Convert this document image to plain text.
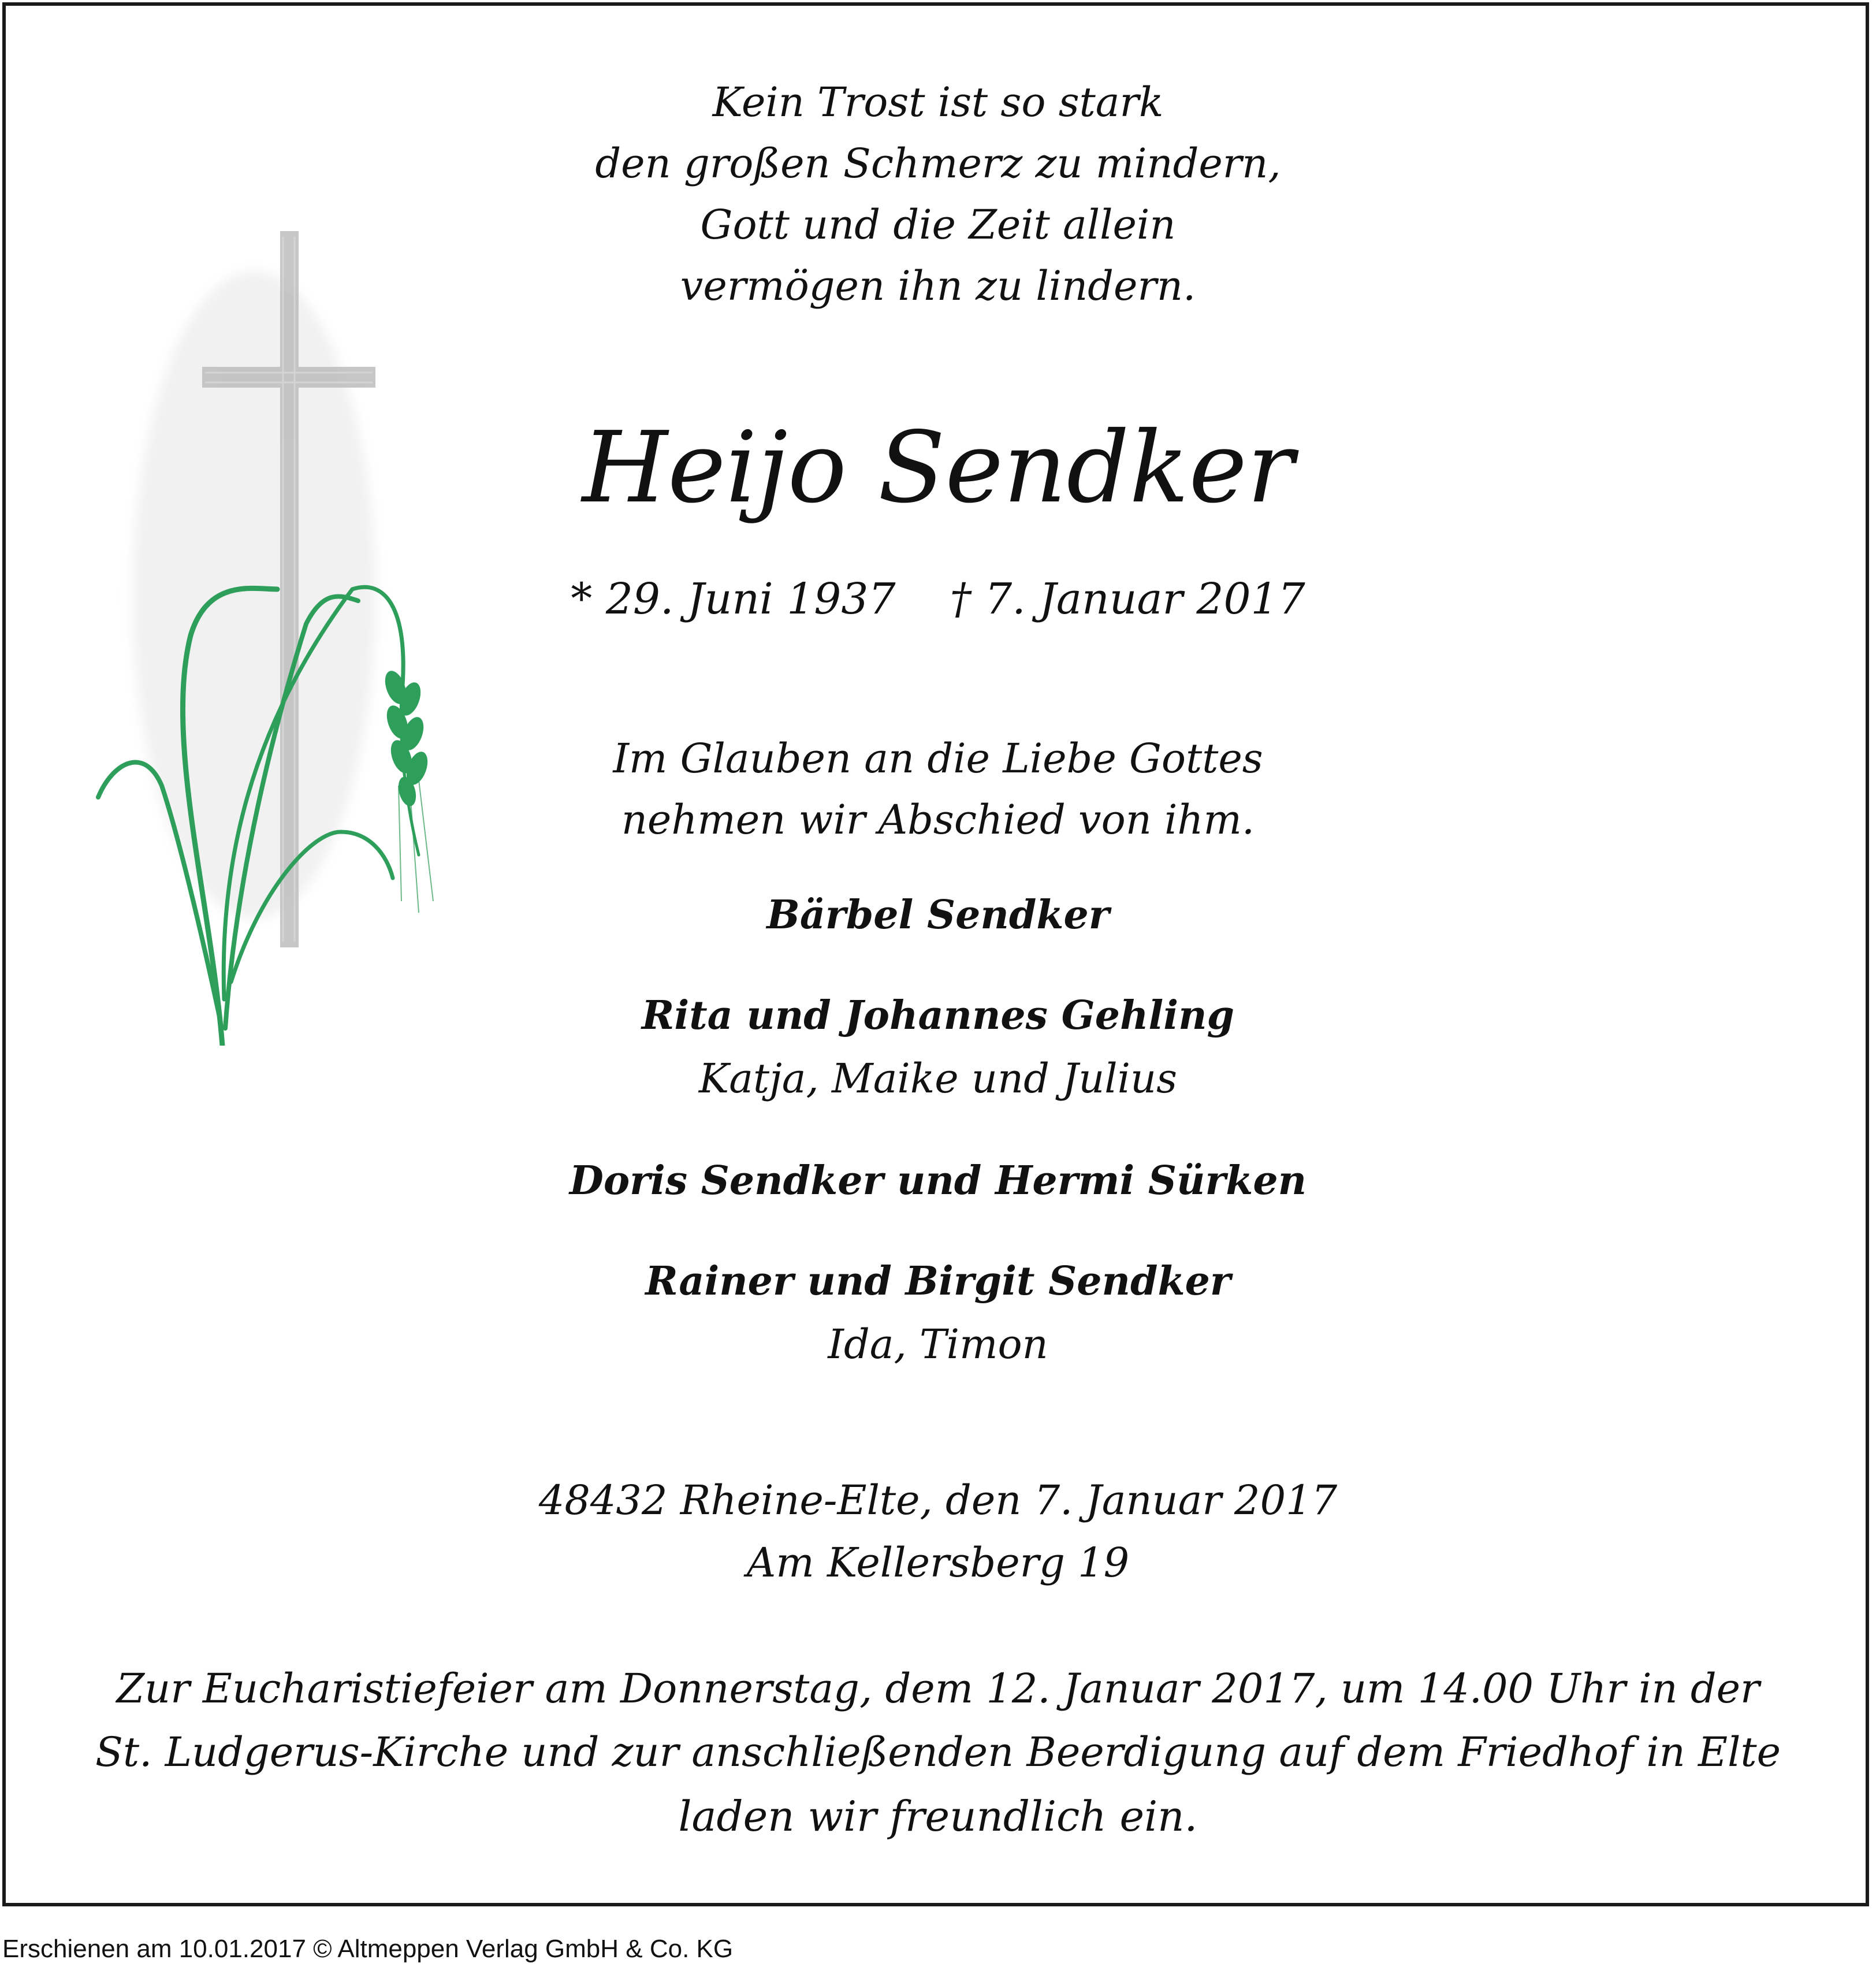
Kein Trost ist so stark
den großen Schmerz zu mindern,
Gott und die Zeit allein
vermögen ihn zu lindern.
Heijo Sendker
* 29. Juni 1937    † 7. Januar 2017
Im Glauben an die Liebe Gottes
nehmen wir Abschied von ihm.
Bärbel Sendker
Rita und Johannes Gehling
Katja, Maike und Julius
Doris Sendker und Hermi Sürken
Rainer und Birgit Sendker
Ida, Timon
48432 Rheine-Elte, den 7. Januar 2017
Am Kellersberg 19
Zur Eucharistiefeier am Donnerstag, dem 12. Januar 2017, um 14.00 Uhr in der
St. Ludgerus-Kirche und zur anschließenden Beerdigung auf dem Friedhof in Elte
laden wir freundlich ein.
Erschienen am 10.01.2017 © Altmeppen Verlag GmbH & Co. KG
